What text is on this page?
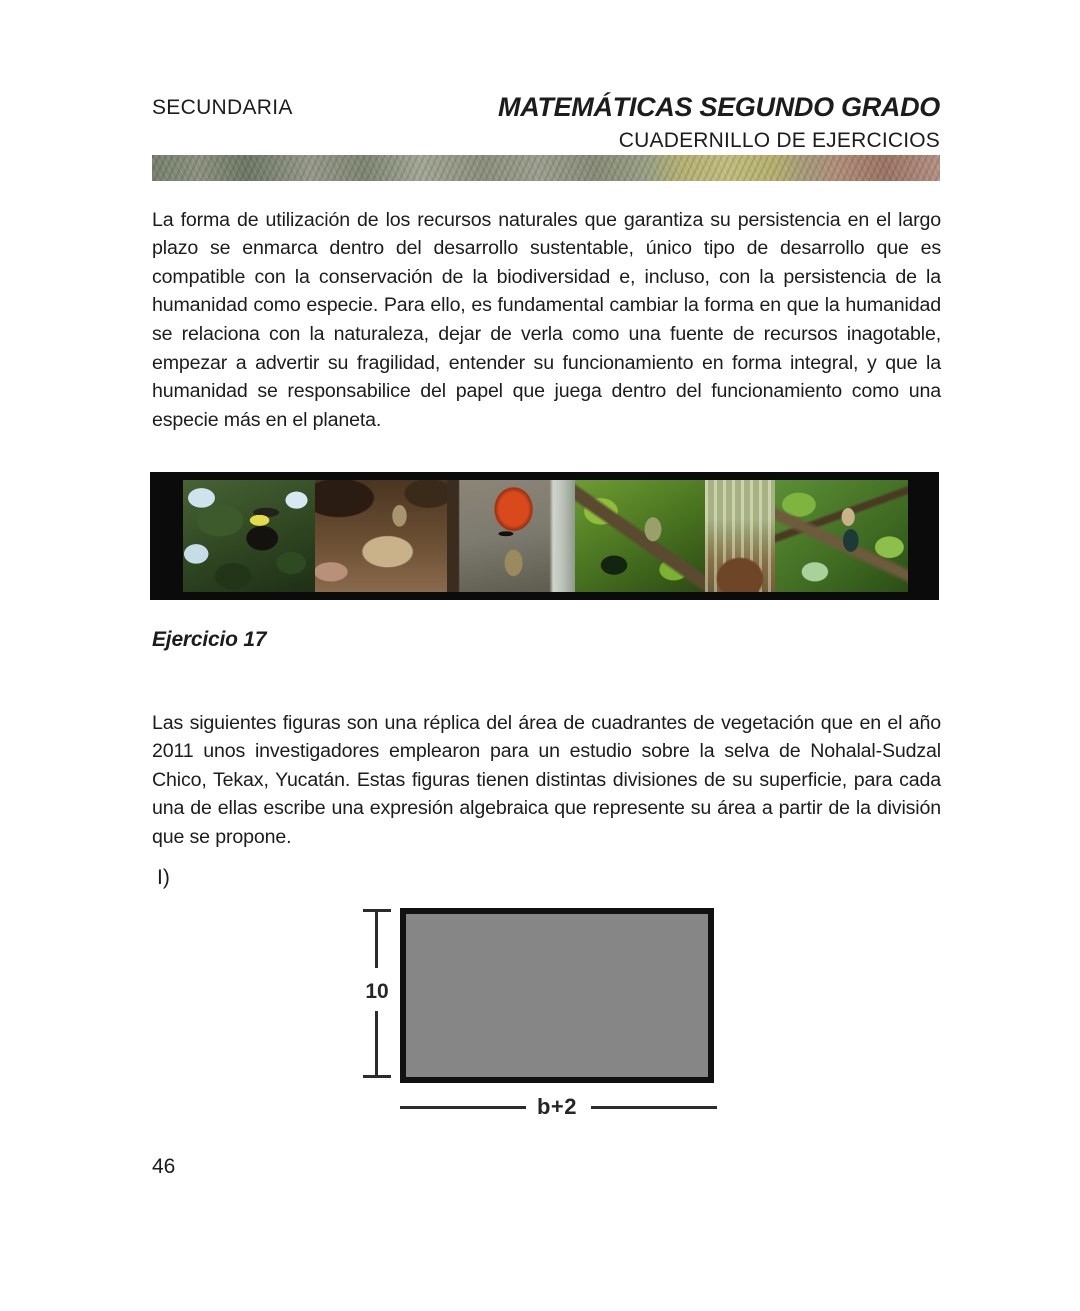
SECUNDARIA	MATEMÁTICAS SEGUNDO GRADO
CUADERNILLO DE EJERCICIOS

La forma de utilización de los recursos naturales que garantiza su persistencia en el largo plazo se enmarca dentro del desarrollo sustentable, único tipo de desarrollo que es compatible con la conservación de la biodiversidad e, incluso, con la persistencia de la humanidad como especie. Para ello, es fundamental cambiar la forma en que la humanidad se relaciona con la naturaleza, dejar de verla como una fuente de recursos inagotable, empezar a advertir su fragilidad, entender su funcionamiento en forma integral, y que la humanidad se responsabilice del papel que juega dentro del funcionamiento como una especie más en el planeta.

Ejercicio 17

Las siguientes figuras son una réplica del área de cuadrantes de vegetación que en el año 2011 unos investigadores emplearon para un estudio sobre la selva de Nohalal-Sudzal Chico, Tekax, Yucatán. Estas figuras tienen distintas divisiones de su superficie, para cada una de ellas escribe una expresión algebraica que represente su área a partir de la división que se propone.

I)
10
b+2
46
